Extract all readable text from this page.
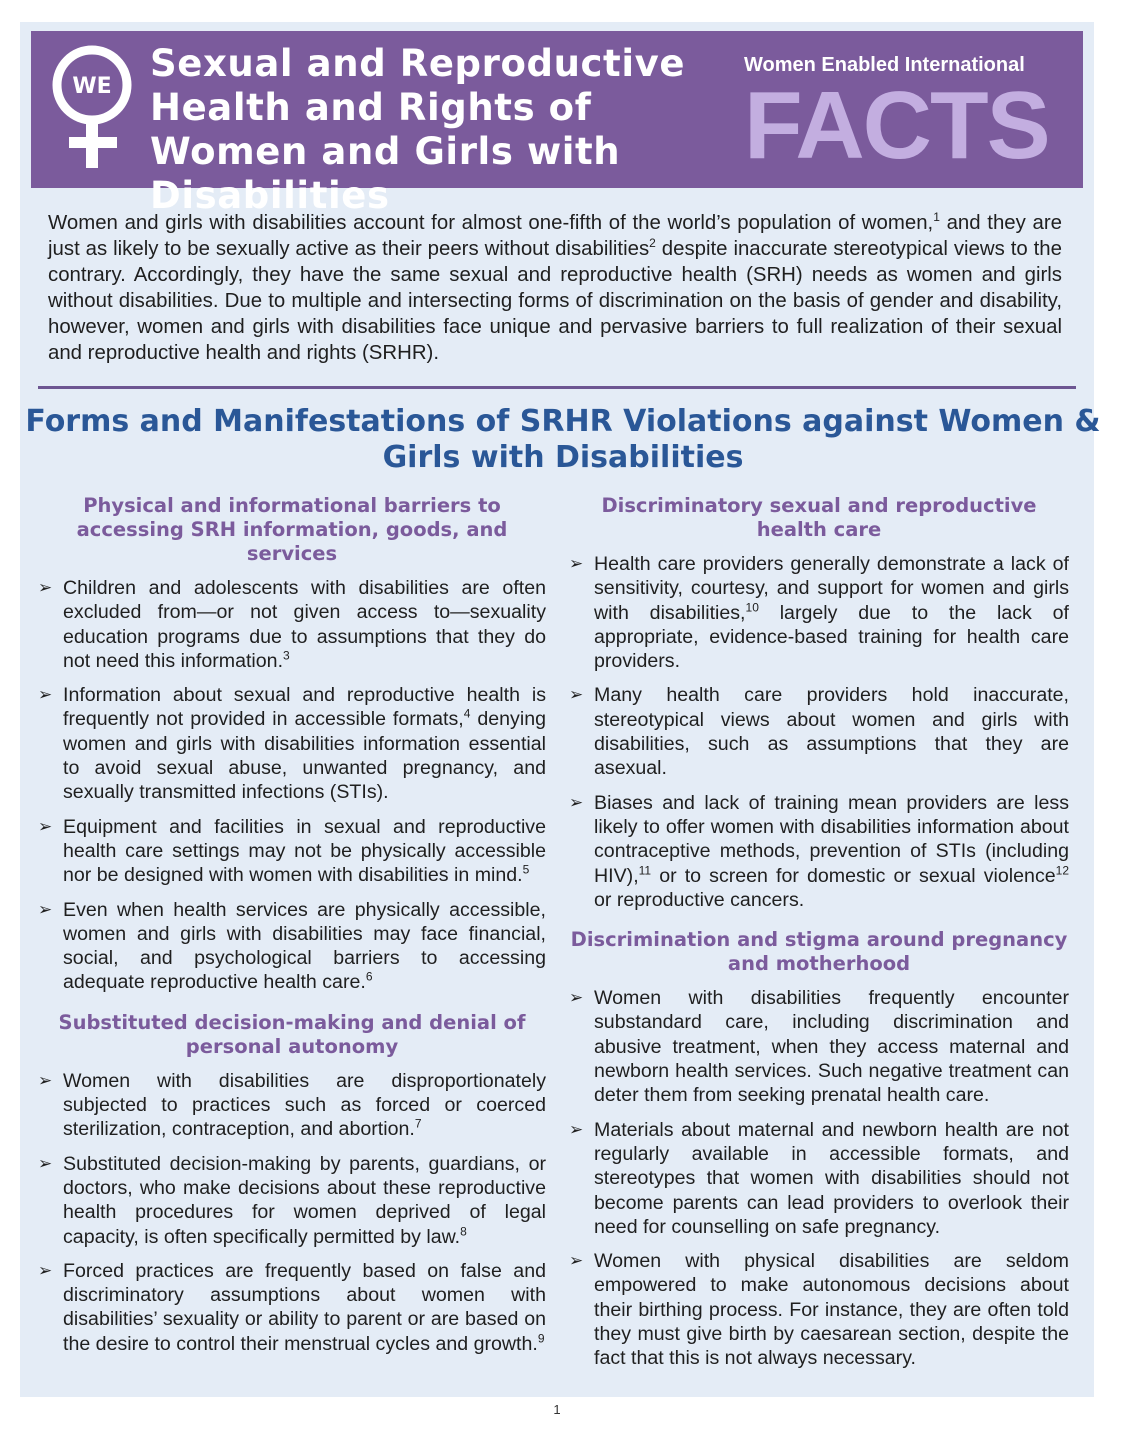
WE
Sexual and Reproductive Health and Rights of Women and Girls with Disabilities
Women Enabled International
FACTS

Women and girls with disabilities account for almost one-fifth of the world’s population of women,$^1$ and they are just as likely to be sexually active as their peers without disabilities$^2$ despite inaccurate stereotypical views to the contrary. Accordingly, they have the same sexual and reproductive health (SRH) needs as women and girls without disabilities. Due to multiple and intersecting forms of discrimination on the basis of gender and disability, however, women and girls with disabilities face unique and pervasive barriers to full realization of their sexual and reproductive health and rights (SRHR).

Forms and Manifestations of SRHR Violations against Women & Girls with Disabilities
Physical and informational barriers to accessing SRH information, goods, and services
➢ Children and adolescents with disabilities are often excluded from—or not given access to—sexuality education programs due to assumptions that they do not need this information.$^3$
➢ Information about sexual and reproductive health is frequently not provided in accessible formats,$^4$ denying women and girls with disabilities information essential to avoid sexual abuse, unwanted pregnancy, and sexually transmitted infections (STIs).
➢ Equipment and facilities in sexual and reproductive health care settings may not be physically accessible nor be designed with women with disabilities in mind.$^5$
➢ Even when health services are physically accessible, women and girls with disabilities may face financial, social, and psychological barriers to accessing adequate reproductive health care.$^6$
Substituted decision-making and denial of personal autonomy
➢ Women with disabilities are disproportionately subjected to practices such as forced or coerced sterilization, contraception, and abortion.$^7$
➢ Substituted decision-making by parents, guardians, or doctors, who make decisions about these reproductive health procedures for women deprived of legal capacity, is often specifically permitted by law.$^8$
➢ Forced practices are frequently based on false and discriminatory assumptions about women with disabilities’ sexuality or ability to parent or are based on the desire to control their menstrual cycles and growth.$^9$
Discriminatory sexual and reproductive health care
➢ Health care providers generally demonstrate a lack of sensitivity, courtesy, and support for women and girls with disabilities,$^{10}$ largely due to the lack of appropriate, evidence-based training for health care providers.
➢ Many health care providers hold inaccurate, stereotypical views about women and girls with disabilities, such as assumptions that they are asexual.
➢ Biases and lack of training mean providers are less likely to offer women with disabilities information about contraceptive methods, prevention of STIs (including HIV),$^{11}$ or to screen for domestic or sexual violence$^{12}$ or reproductive cancers.
Discrimination and stigma around pregnancy and motherhood
➢ Women with disabilities frequently encounter substandard care, including discrimination and abusive treatment, when they access maternal and newborn health services. Such negative treatment can deter them from seeking prenatal health care.
➢ Materials about maternal and newborn health are not regularly available in accessible formats, and stereotypes that women with disabilities should not become parents can lead providers to overlook their need for counselling on safe pregnancy.
➢ Women with physical disabilities are seldom empowered to make autonomous decisions about their birthing process. For instance, they are often told they must give birth by caesarean section, despite the fact that this is not always necessary.
1
